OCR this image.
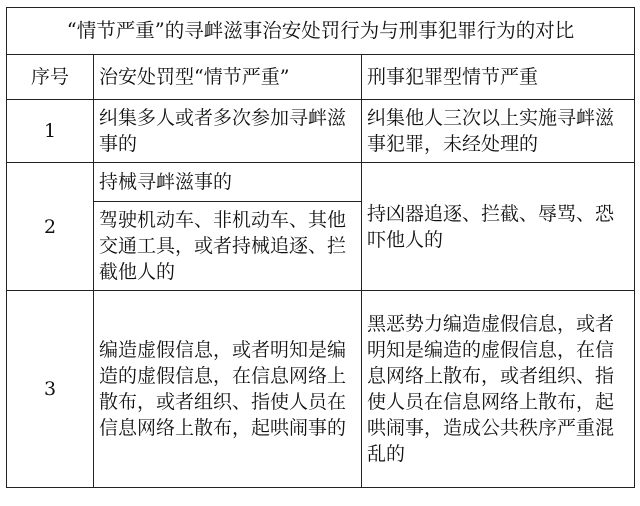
“情节严重”的寻衅滋事治安处罚行为与刑事犯罪行为的对比		
序号	治安处罚型“情节严重”	刑事犯罪型情节严重
1	纠集多人或者多次参加寻衅滋事的	纠集他人三次以上实施寻衅滋事犯罪，未经处理的
2	持械寻衅滋事的	持凶器追逐、拦截、辱骂、恐吓他人的
	驾驶机动车、非机动车、其他交通工具，或者持械追逐、拦截他人的	
3	编造虚假信息，或者明知是编造的虚假信息，在信息网络上散布，或者组织、指使人员在信息网络上散布，起哄闹事的	黑恶势力编造虚假信息，或者明知是编造的虚假信息，在信息网络上散布，或者组织、指使人员在信息网络上散布，起哄闹事，造成公共秩序严重混乱的
